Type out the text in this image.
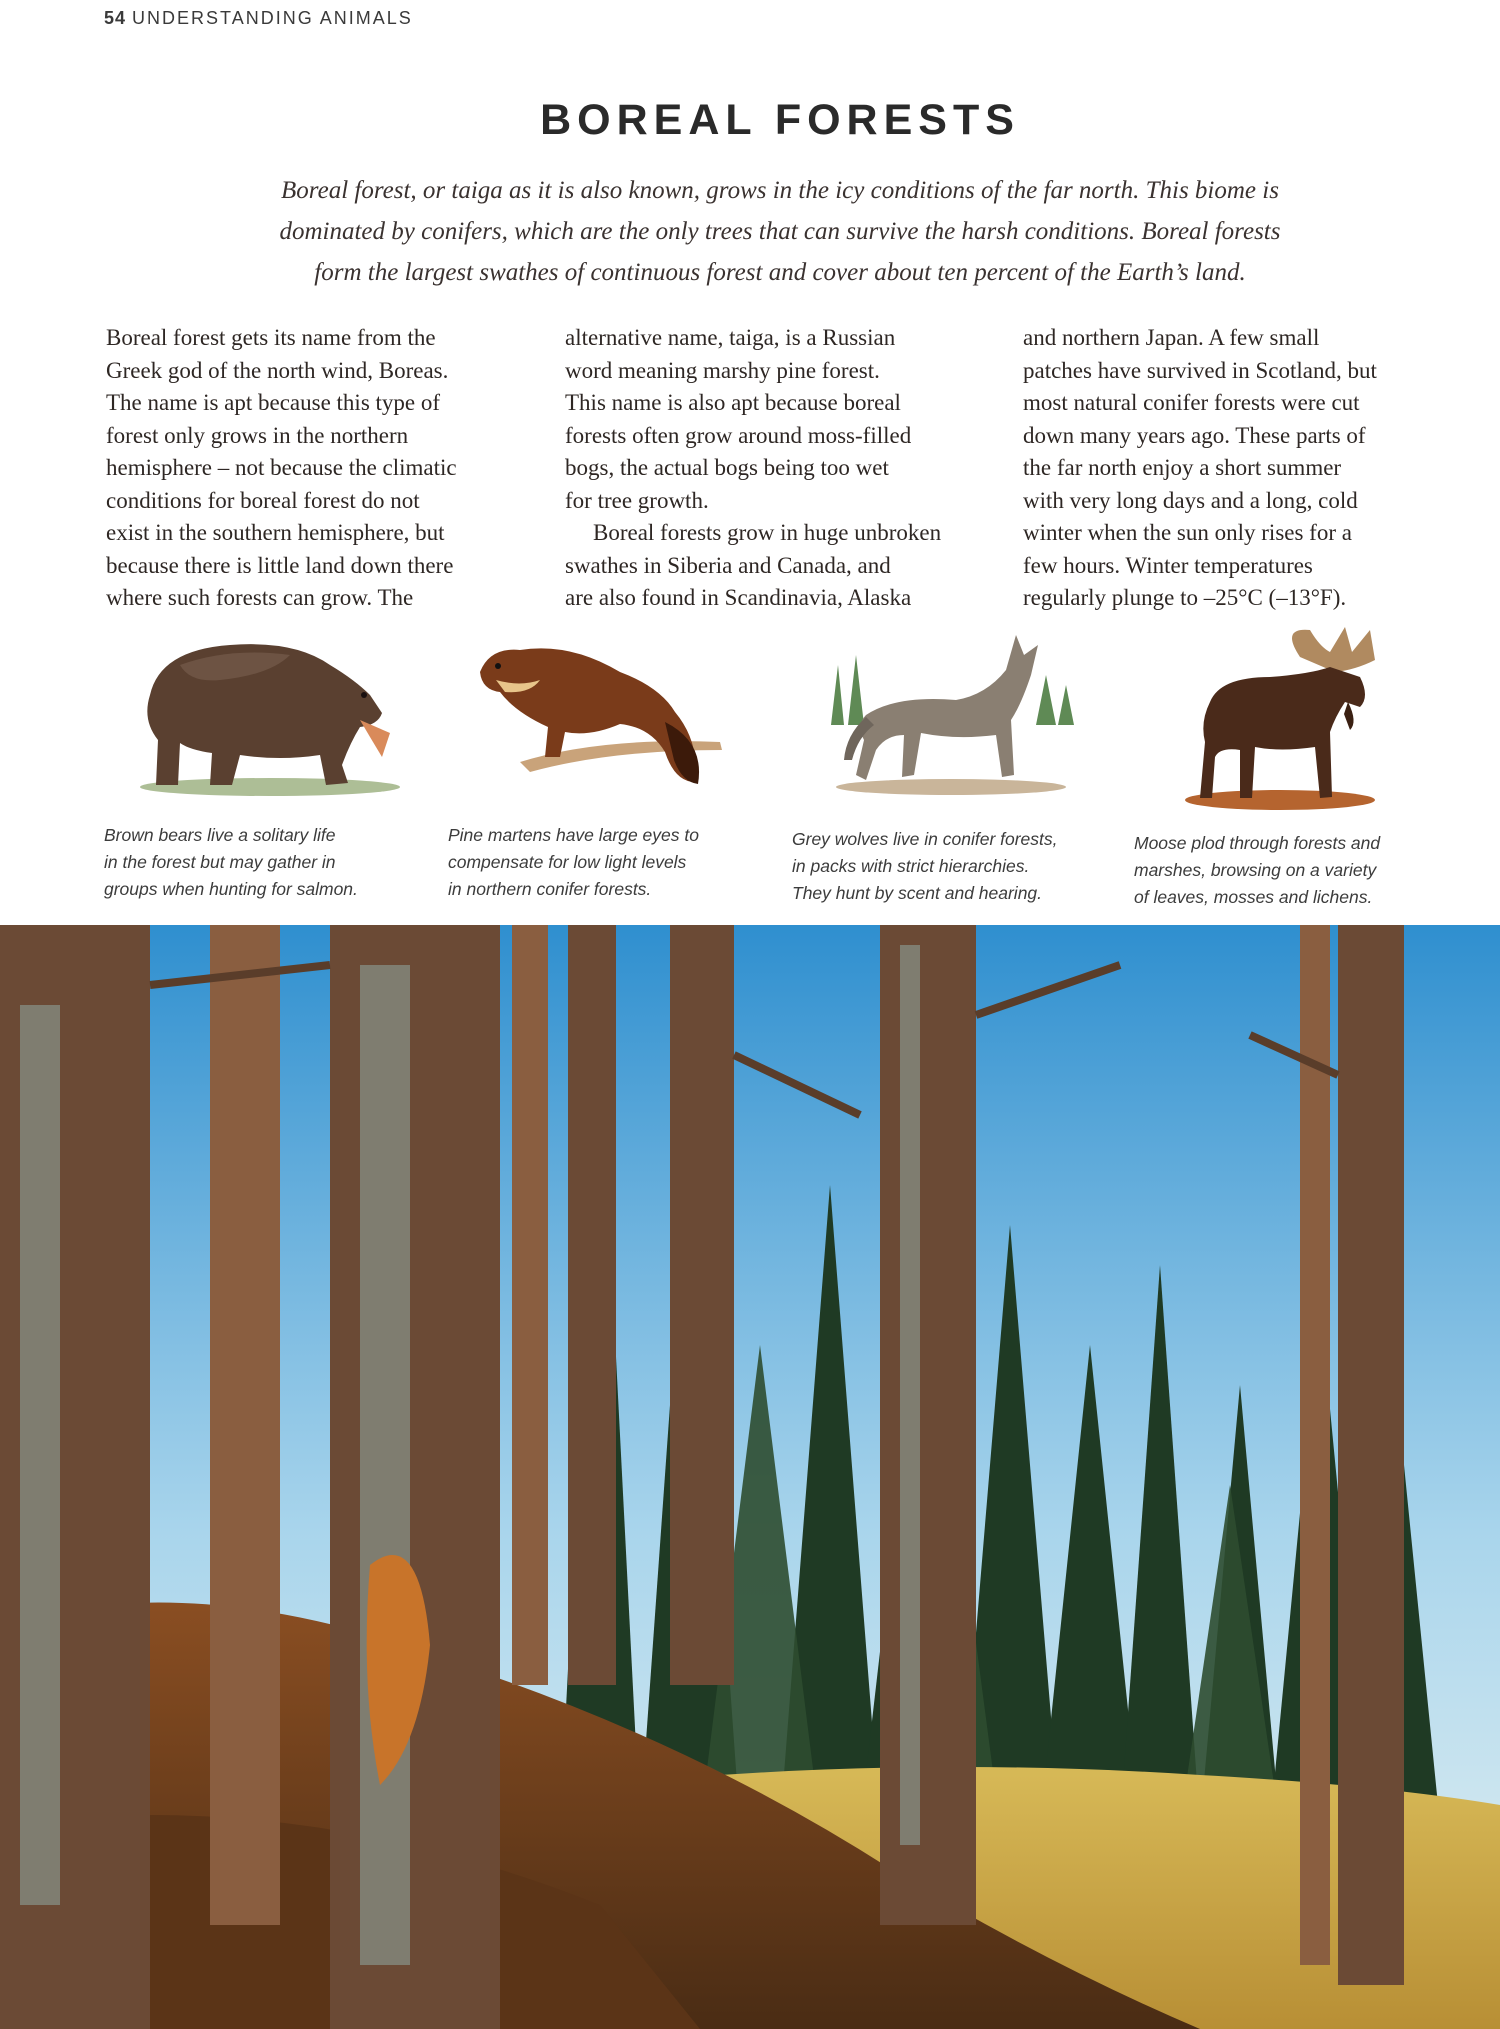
54 UNDERSTANDING ANIMALS
BOREAL FORESTS
Boreal forest, or taiga as it is also known, grows in the icy conditions of the far north. This biome is
dominated by conifers, which are the only trees that can survive the harsh conditions. Boreal forests
form the largest swathes of continuous forest and cover about ten percent of the Earth’s land.
Boreal forest gets its name from the
Greek god of the north wind, Boreas.
The name is apt because this type of
forest only grows in the northern
hemisphere – not because the climatic
conditions for boreal forest do not
exist in the southern hemisphere, but
because there is little land down there
where such forests can grow. The
alternative name, taiga, is a Russian
word meaning marshy pine forest.
This name is also apt because boreal
forests often grow around moss-filled
bogs, the actual bogs being too wet
for tree growth.
Boreal forests grow in huge unbroken
swathes in Siberia and Canada, and
are also found in Scandinavia, Alaska
and northern Japan. A few small
patches have survived in Scotland, but
most natural conifer forests were cut
down many years ago. These parts of
the far north enjoy a short summer
with very long days and a long, cold
winter when the sun only rises for a
few hours. Winter temperatures
regularly plunge to –25°C (–13°F).
Brown bears live a solitary life
in the forest but may gather in
groups when hunting for salmon.
Pine martens have large eyes to
compensate for low light levels
in northern conifer forests.
Grey wolves live in conifer forests,
in packs with strict hierarchies.
They hunt by scent and hearing.
Moose plod through forests and
marshes, browsing on a variety
of leaves, mosses and lichens.
